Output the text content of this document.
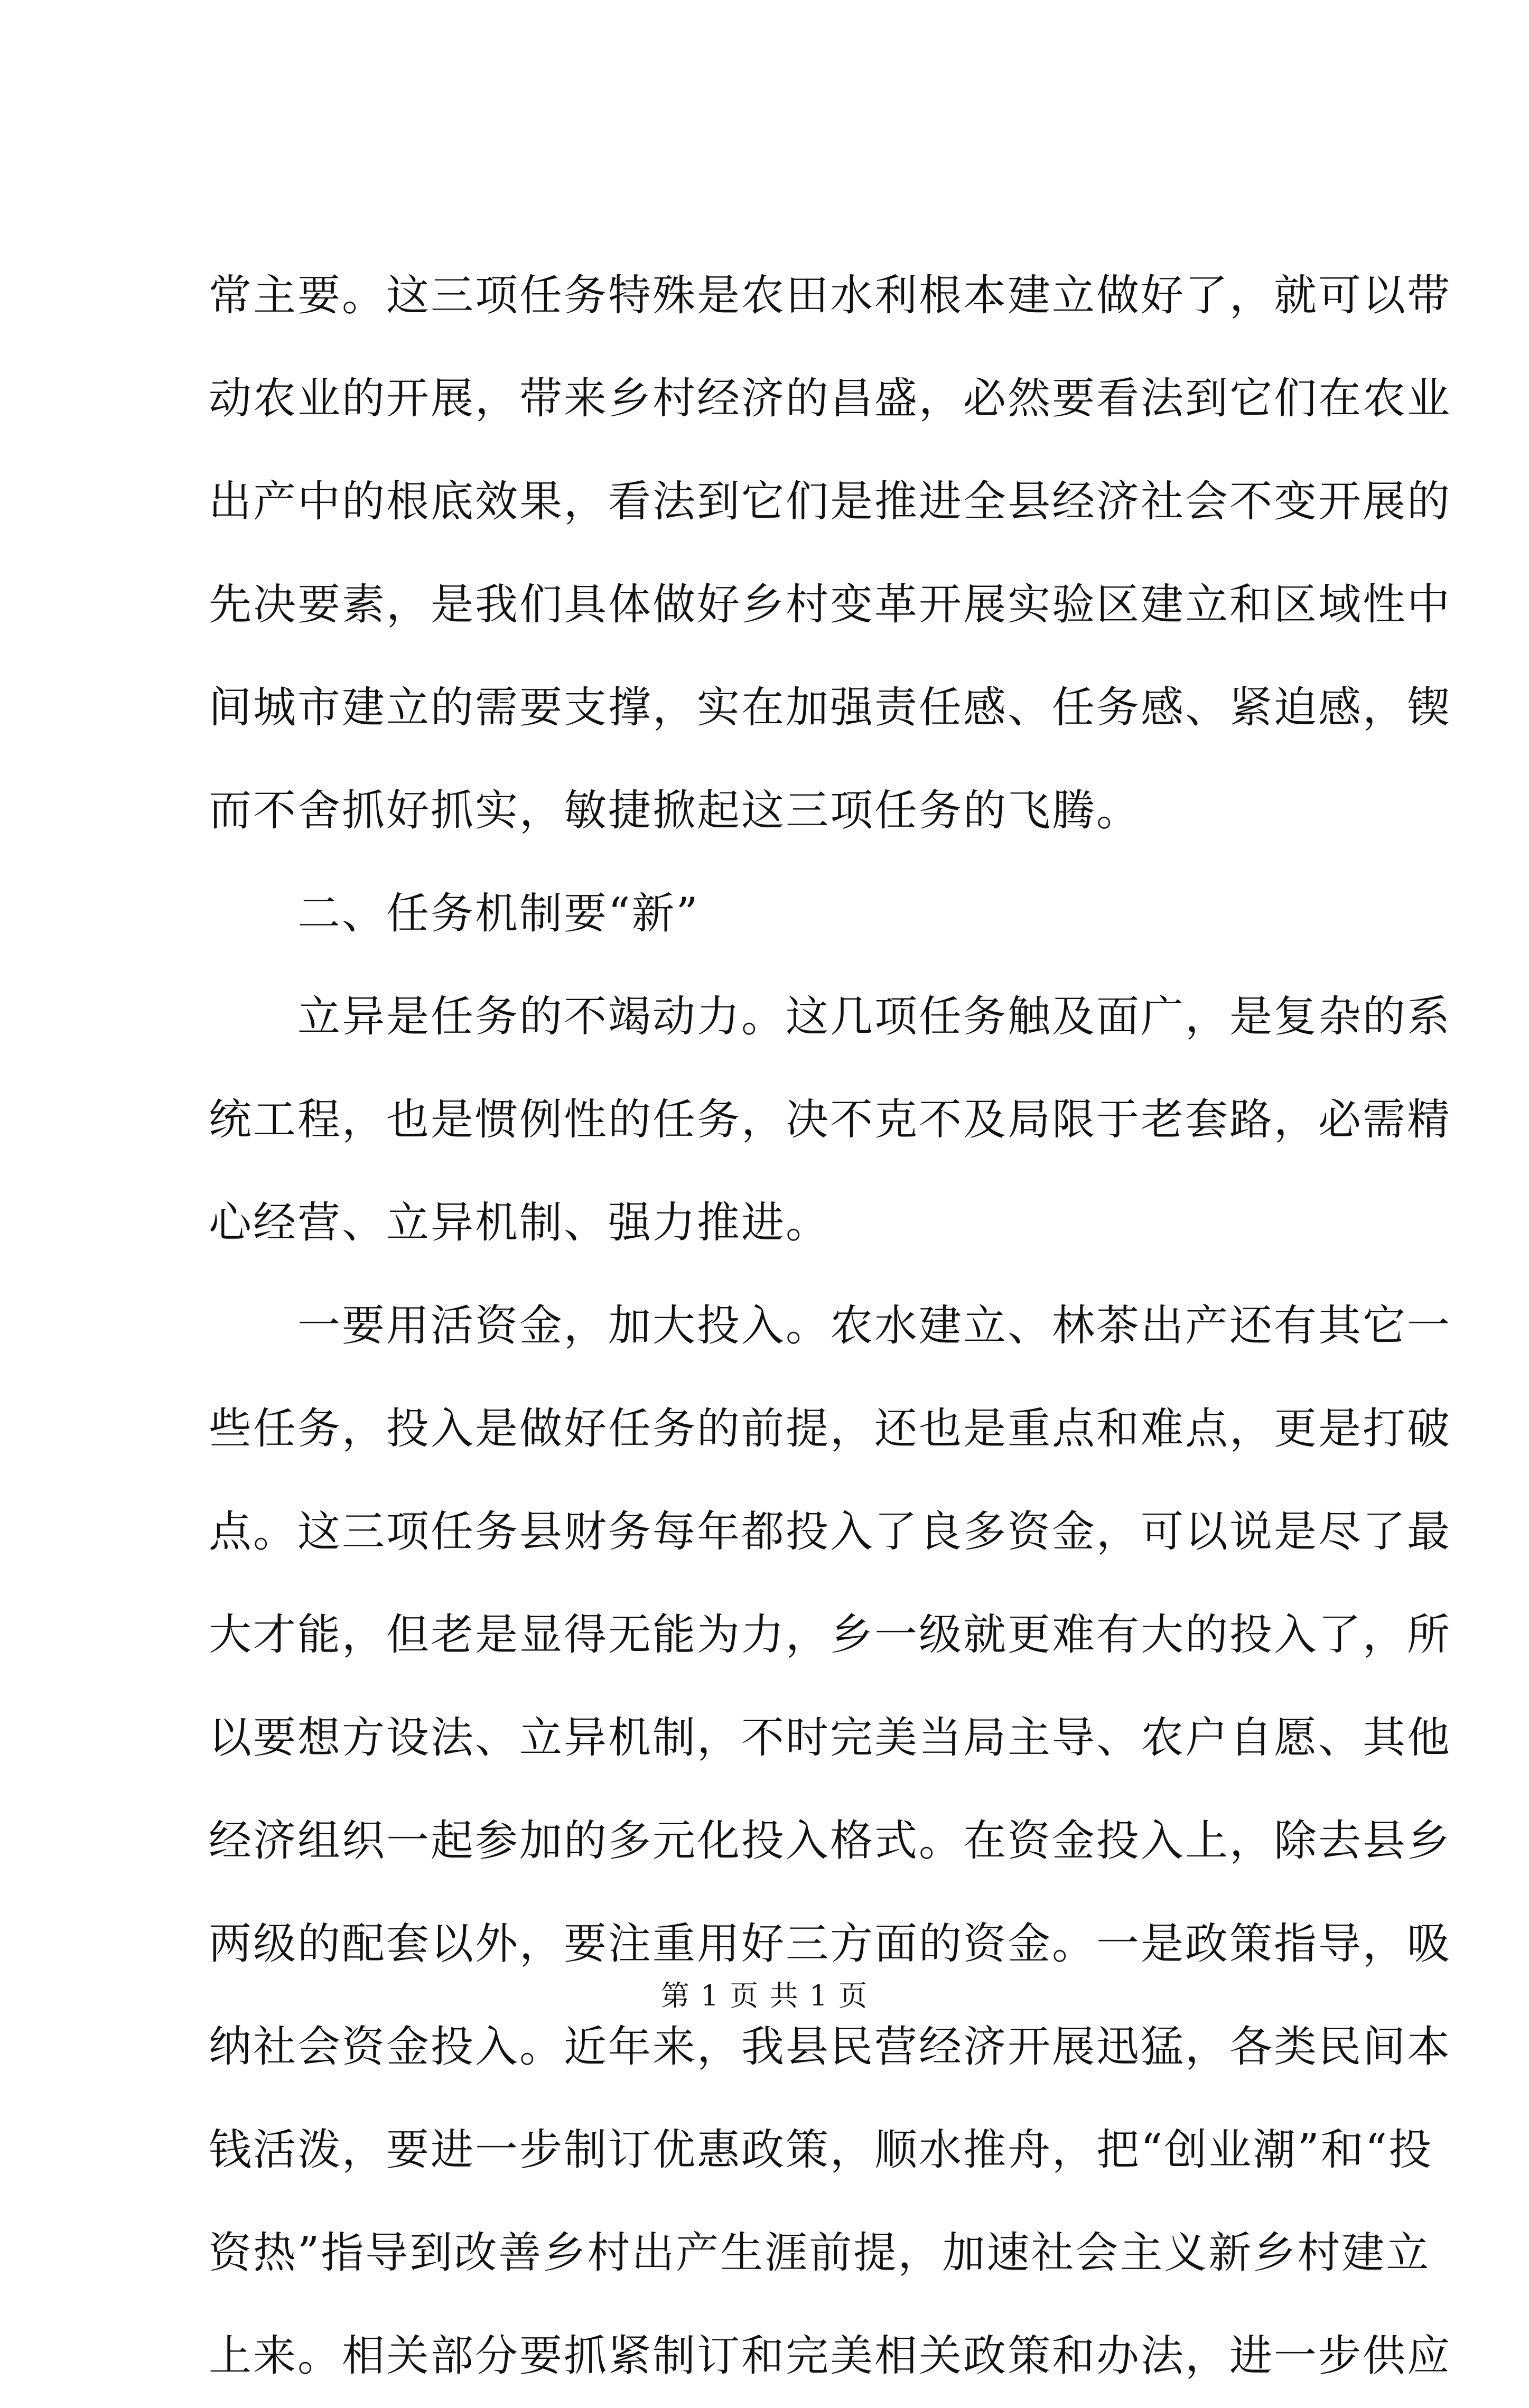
常主要。这三项任务特殊是农田水利根本建立做好了，就可以带
动农业的开展，带来乡村经济的昌盛，必然要看法到它们在农业
出产中的根底效果，看法到它们是推进全县经济社会不变开展的
先决要素，是我们具体做好乡村变革开展实验区建立和区域性中
间城市建立的需要支撑，实在加强责任感、任务感、紧迫感，锲
而不舍抓好抓实，敏捷掀起这三项任务的飞腾。
　　二、任务机制要“新”
　　立异是任务的不竭动力。这几项任务触及面广，是复杂的系
统工程，也是惯例性的任务，决不克不及局限于老套路，必需精
心经营、立异机制、强力推进。
　　一要用活资金，加大投入。农水建立、林茶出产还有其它一
些任务，投入是做好任务的前提，还也是重点和难点，更是打破
点。这三项任务县财务每年都投入了良多资金，可以说是尽了最
大才能，但老是显得无能为力，乡一级就更难有大的投入了，所
以要想方设法、立异机制，不时完美当局主导、农户自愿、其他
经济组织一起参加的多元化投入格式。在资金投入上，除去县乡
两级的配套以外，要注重用好三方面的资金。一是政策指导，吸
纳社会资金投入。近年来，我县民营经济开展迅猛，各类民间本
钱活泼，要进一步制订优惠政策，顺水推舟，把“创业潮”和“投
资热”指导到改善乡村出产生涯前提，加速社会主义新乡村建立
上来。相关部分要抓紧制订和完美相关政策和办法，进一步供应
第 1 页 共 1 页
